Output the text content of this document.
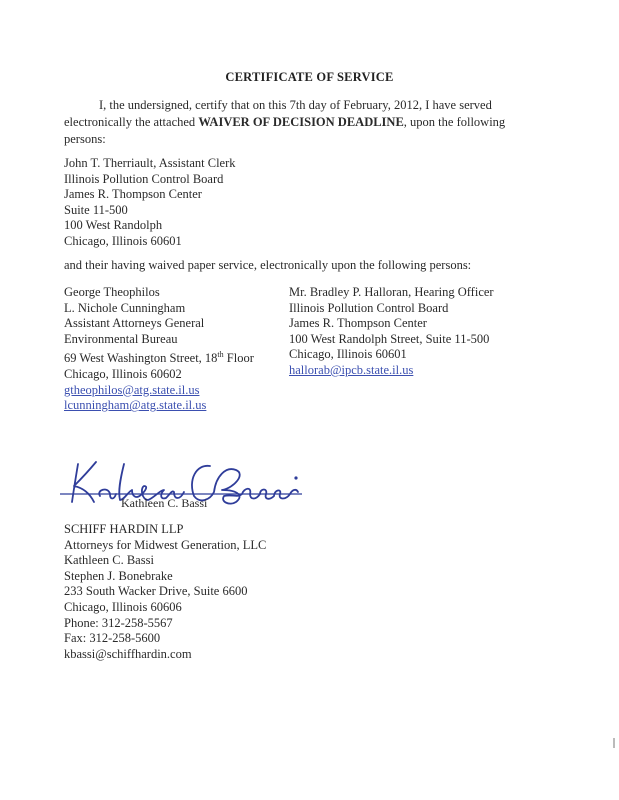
CERTIFICATE OF SERVICE
I, the undersigned, certify that on this 7th day of February, 2012, I have served electronically the attached WAIVER OF DECISION DEADLINE, upon the following persons:
John T. Therriault, Assistant Clerk
Illinois Pollution Control Board
James R. Thompson Center
Suite 11-500
100 West Randolph
Chicago, Illinois 60601
and their having waived paper service, electronically upon the following persons:
George Theophilos
L. Nichole Cunningham
Assistant Attorneys General
Environmental Bureau
69 West Washington Street, 18th Floor
Chicago, Illinois 60602
gtheophilos@atg.state.il.us
lcunningham@atg.state.il.us
Mr. Bradley P. Halloran, Hearing Officer
Illinois Pollution Control Board
James R. Thompson Center
100 West Randolph Street, Suite 11-500
Chicago, Illinois 60601
hallorab@ipcb.state.il.us
Kathleen C. Bassi
SCHIFF HARDIN LLP
Attorneys for Midwest Generation, LLC
Kathleen C. Bassi
Stephen J. Bonebrake
233 South Wacker Drive, Suite 6600
Chicago, Illinois 60606
Phone: 312-258-5567
Fax: 312-258-5600
kbassi@schiffhardin.com
